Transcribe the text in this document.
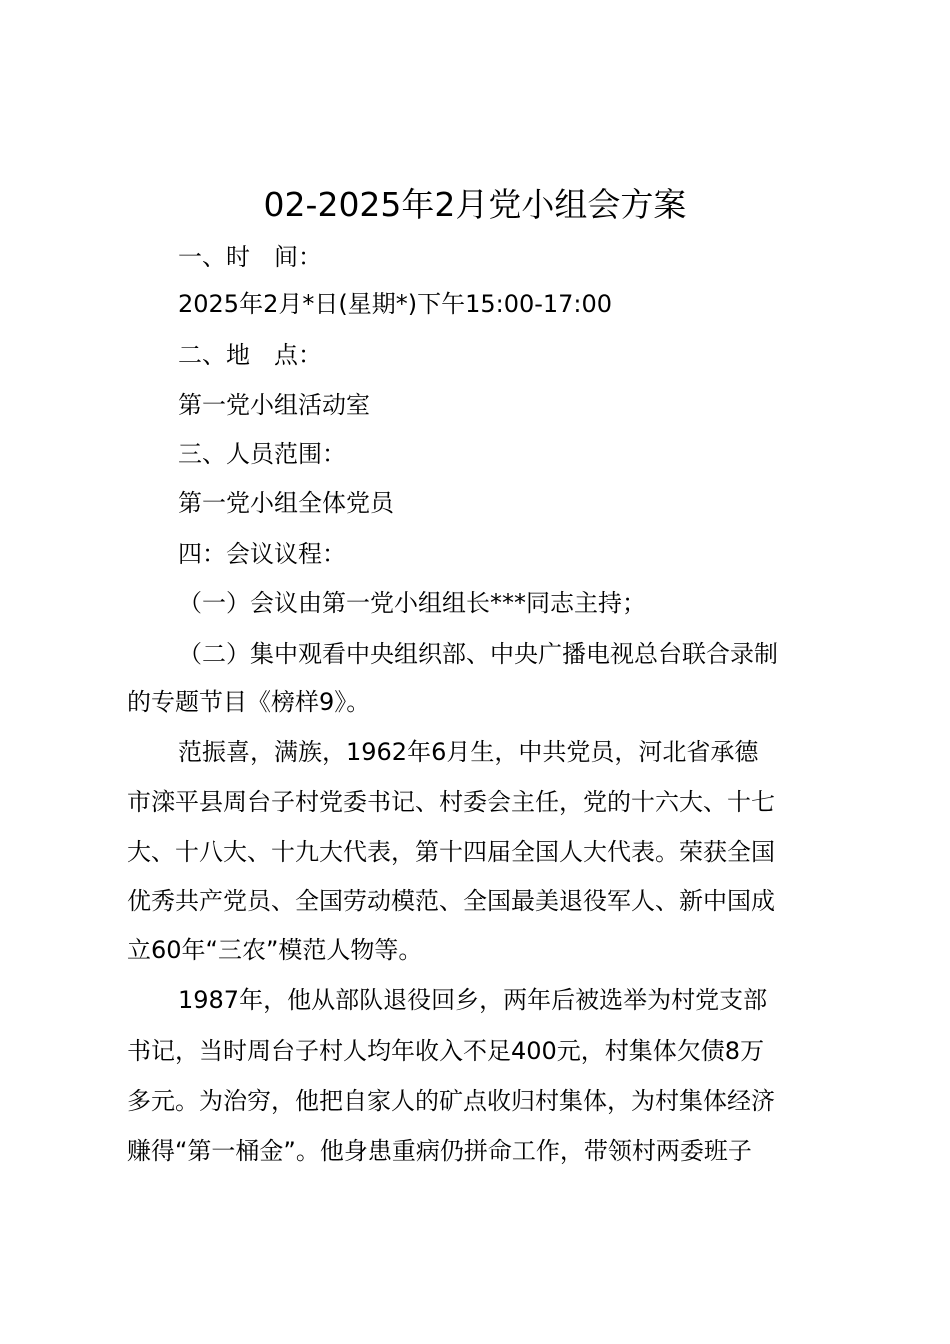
02-2025年2月党小组会方案
一、时　间：
2025年2月*日(星期*)下午15:00-17:00
二、地　点：
第一党小组活动室
三、人员范围：
第一党小组全体党员
四：会议议程：
（一）会议由第一党小组组长***同志主持；
（二）集中观看中央组织部、中央广播电视总台联合录制
的专题节目《榜样9》。
范振喜，满族，1962年6月生，中共党员，河北省承德
市滦平县周台子村党委书记、村委会主任，党的十六大、十七
大、十八大、十九大代表，第十四届全国人大代表。荣获全国
优秀共产党员、全国劳动模范、全国最美退役军人、新中国成
立60年“三农”模范人物等。
1987年，他从部队退役回乡，两年后被选举为村党支部
书记，当时周台子村人均年收入不足400元，村集体欠债8万
多元。为治穷，他把自家人的矿点收归村集体，为村集体经济
赚得“第一桶金”。他身患重病仍拼命工作，带领村两委班子
